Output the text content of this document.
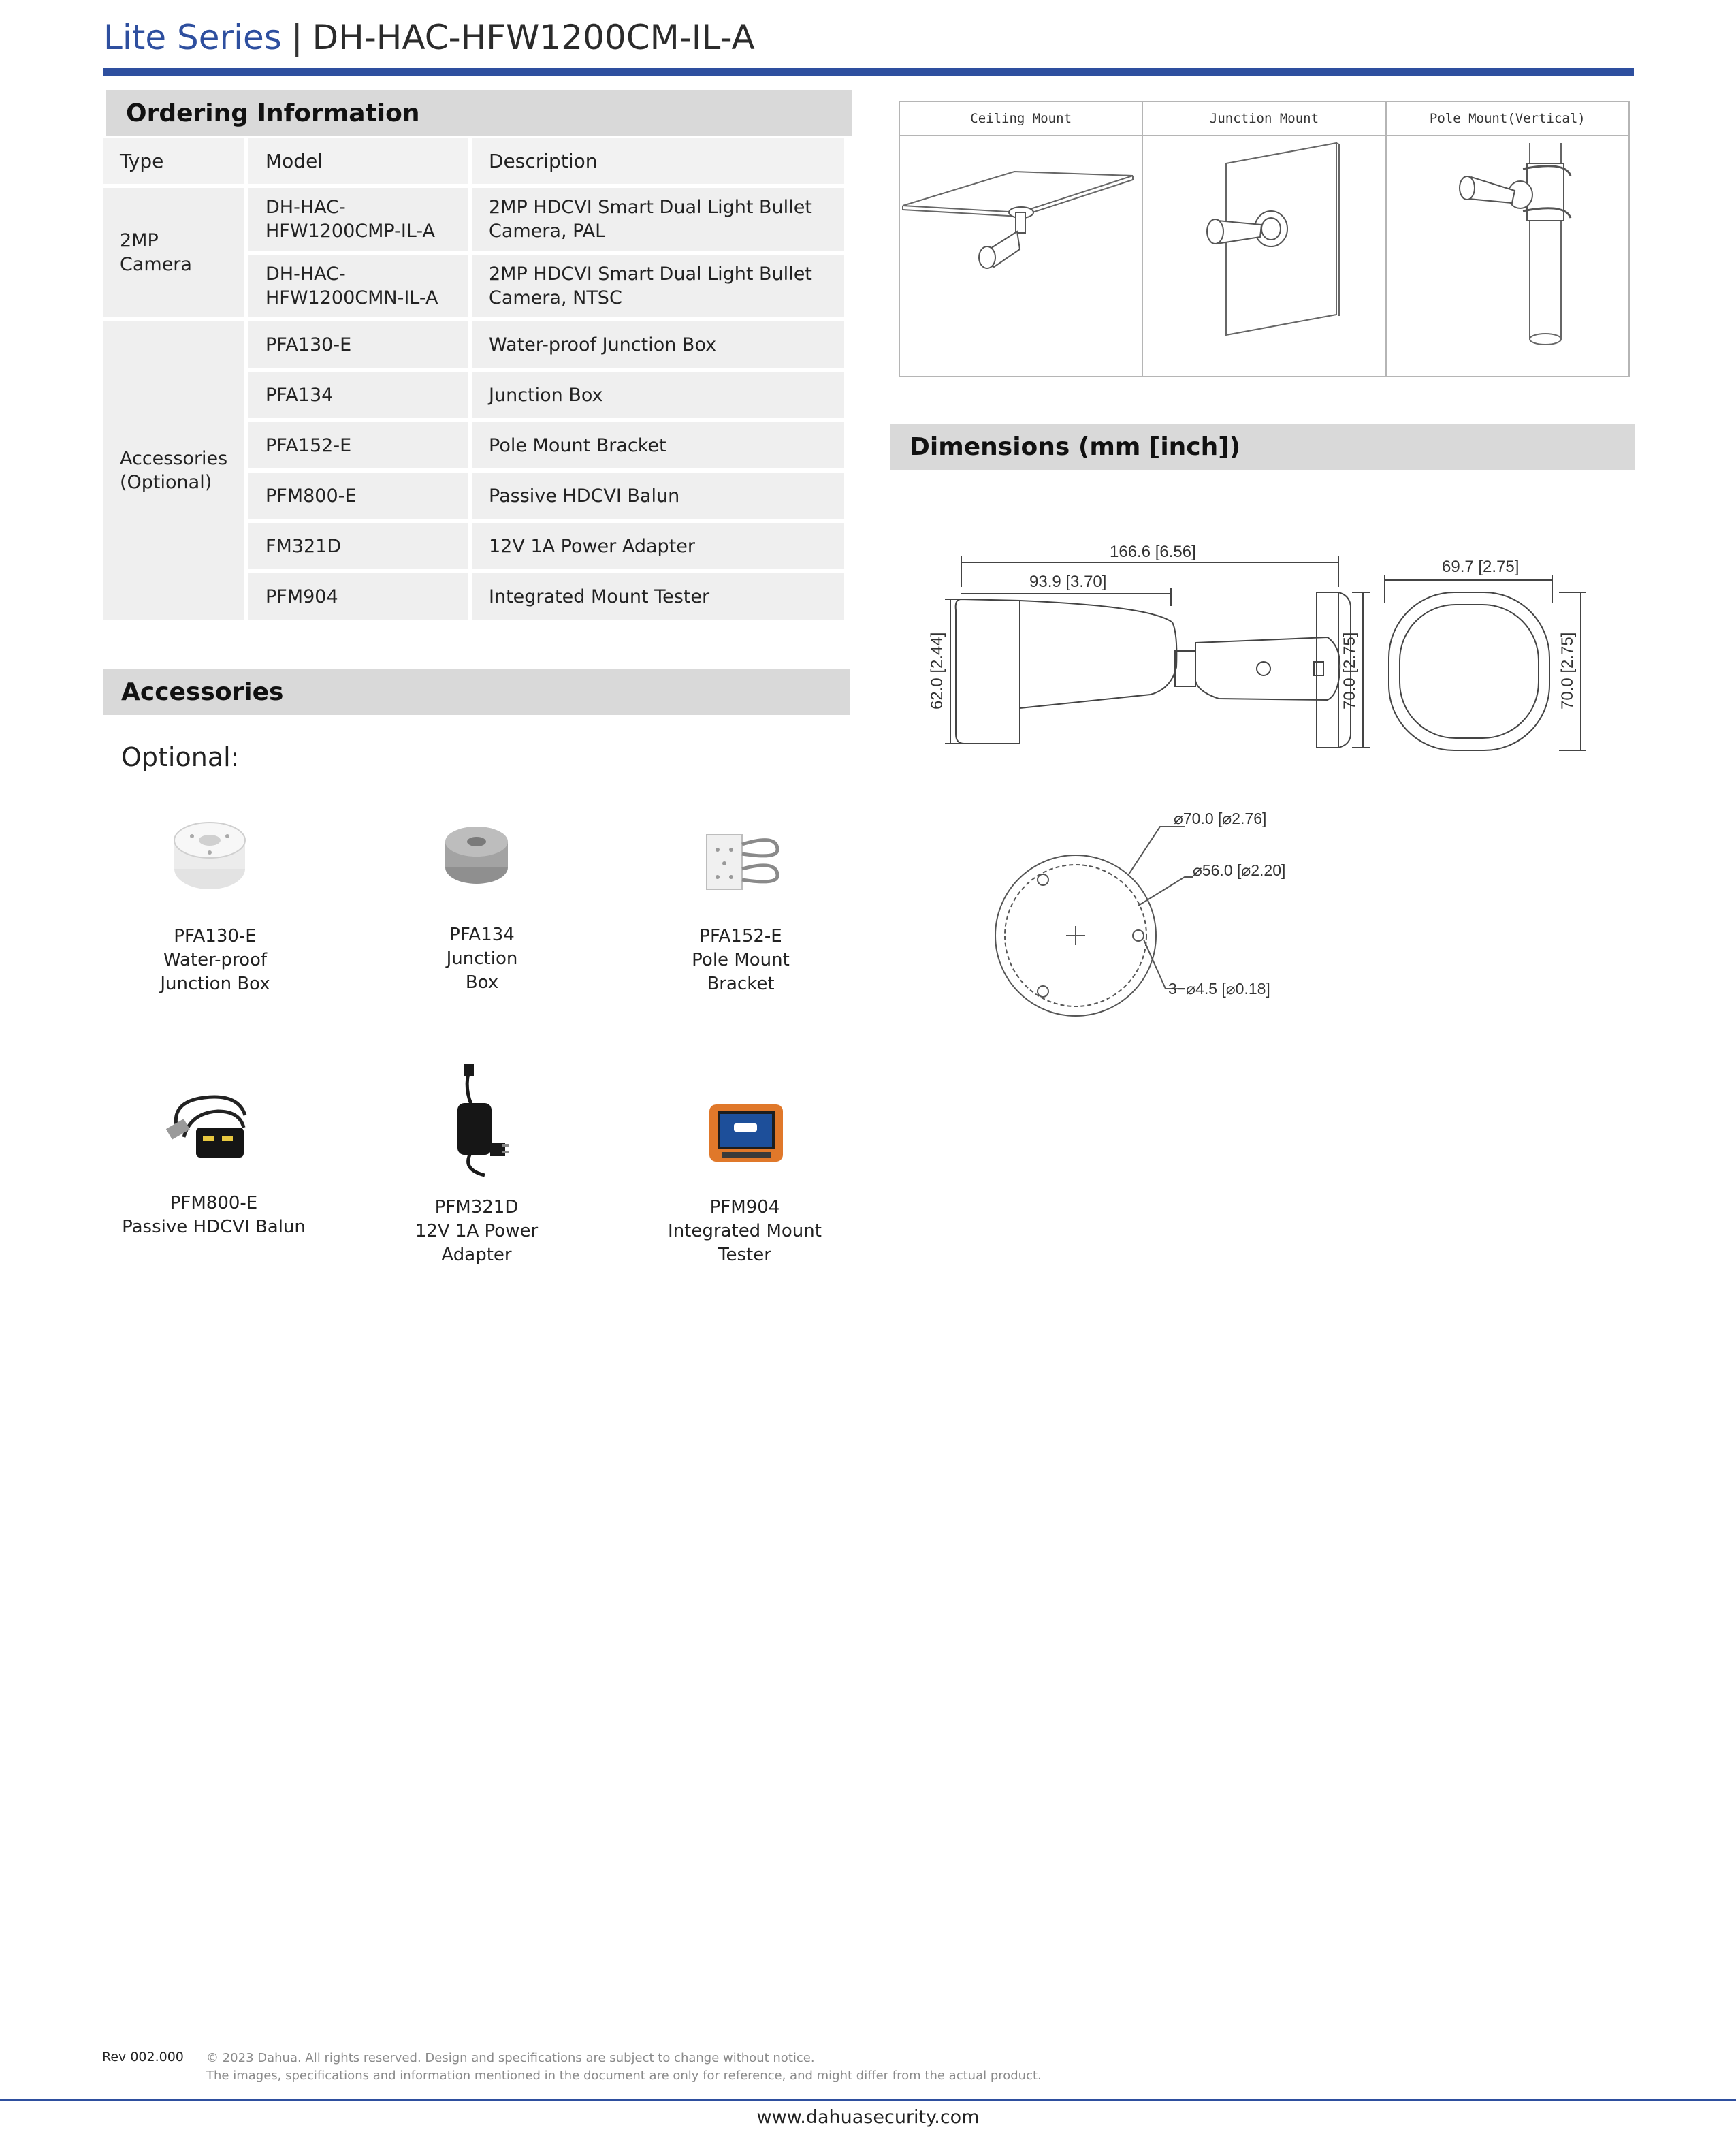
Lite Series | DH-HAC-HFW1200CM-IL-A
Ordering Information
Type	Model	Description
2MP Camera	DH-HAC-HFW1200CMP-IL-A	2MP HDCVI Smart Dual Light Bullet Camera, PAL
	DH-HAC-HFW1200CMN-IL-A	2MP HDCVI Smart Dual Light Bullet Camera, NTSC
Accessories (Optional)	PFA130-E	Water-proof Junction Box
	PFA134	Junction Box
	PFA152-E	Pole Mount Bracket
	PFM800-E	Passive HDCVI Balun
	FM321D	12V 1A Power Adapter
	PFM904	Integrated Mount Tester
Accessories
Optional:
PFA130-E
Water-proof
Junction Box
PFA134
Junction
Box
PFA152-E
Pole Mount
Bracket
PFM800-E
Passive HDCVI Balun
PFM321D
12V 1A Power
Adapter
PFM904
Integrated Mount
Tester
Ceiling Mount	Junction Mount	Pole Mount(Vertical)
Dimensions (mm [inch])
166.6 [6.56]
93.9 [3.70]
69.7 [2.75]
62.0 [2.44]	70.0 [2.75]	70.0 [2.75]
⌀70.0 [⌀2.76]
⌀56.0 [⌀2.20]
3−⌀4.5 [⌀0.18]
Rev 002.000 © 2023 Dahua. All rights reserved. Design and specifications are subject to change without notice.
The images, specifications and information mentioned in the document are only for reference, and might differ from the actual product.
www.dahuasecurity.com
